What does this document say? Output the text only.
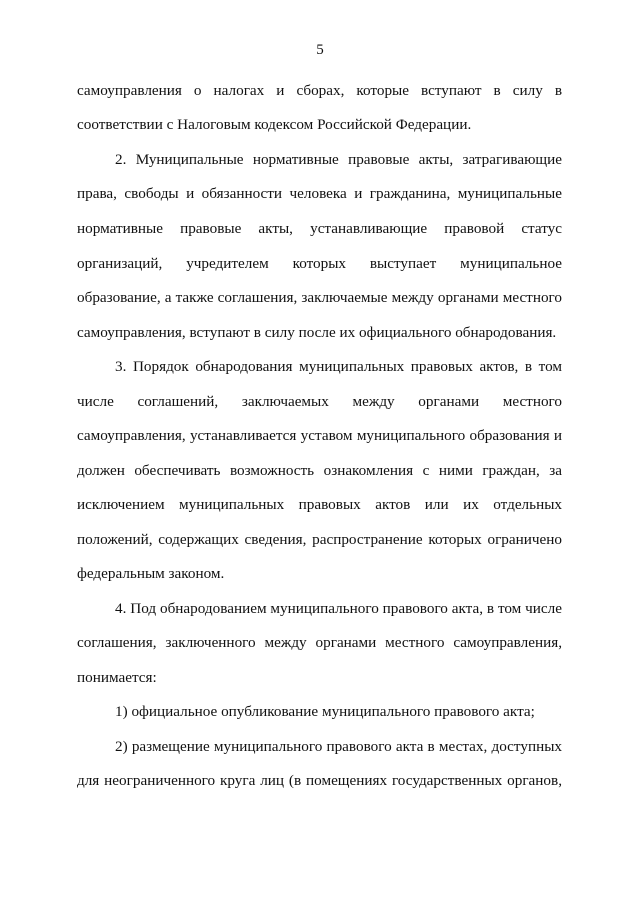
5
самоуправления о налогах и сборах, которые вступают в силу в
соответствии с Налоговым кодексом Российской Федерации.
2. Муниципальные нормативные правовые акты, затрагивающие
права, свободы и обязанности человека и гражданина, муниципальные
нормативные правовые акты, устанавливающие правовой статус
организаций, учредителем которых выступает муниципальное
образование, а также соглашения, заключаемые между органами местного
самоуправления, вступают в силу после их официального обнародования.
3. Порядок обнародования муниципальных правовых актов, в том
числе соглашений, заключаемых между органами местного
самоуправления, устанавливается уставом муниципального образования и
должен обеспечивать возможность ознакомления с ними граждан, за
исключением муниципальных правовых актов или их отдельных
положений, содержащих сведения, распространение которых ограничено
федеральным законом.
4. Под обнародованием муниципального правового акта, в том числе
соглашения, заключенного между органами местного самоуправления,
понимается:
1) официальное опубликование муниципального правового акта;
2) размещение муниципального правового акта в местах, доступных
для неограниченного круга лиц (в помещениях государственных органов,
